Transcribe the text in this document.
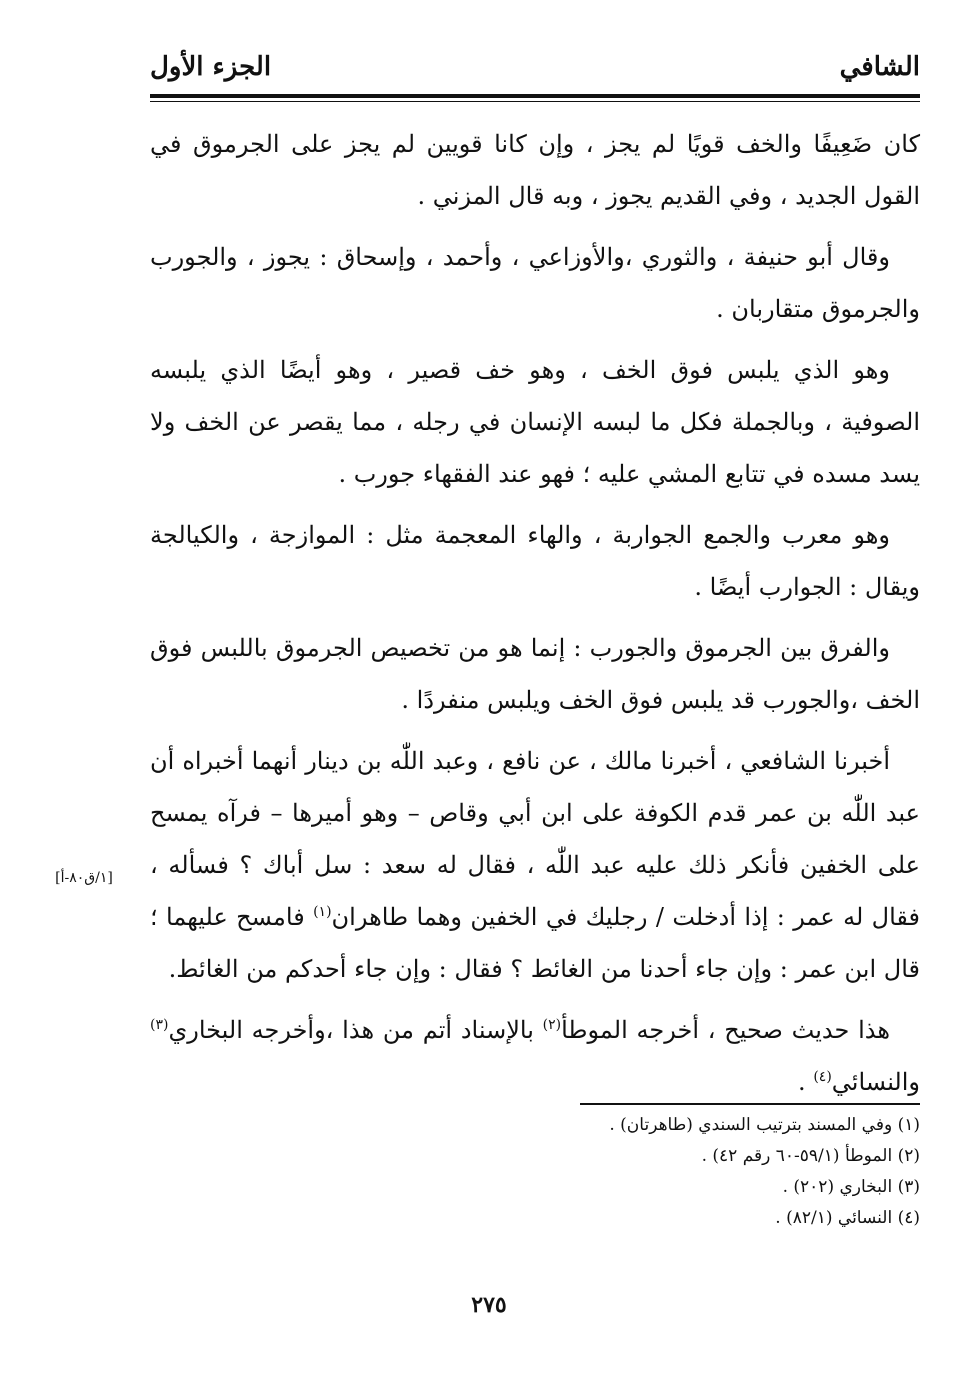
الشافي
الجزء الأول

كان ضَعِيفًا والخف قويًا لم يجز ، وإن كانا قويين لم يجز على الجرموق في القول الجديد ، وفي القديم يجوز ، وبه قال المزني .

وقال أبو حنيفة ، والثوري ،والأوزاعي ، وأحمد ، وإسحاق : يجوز ، والجورب والجرموق متقاربان .

وهو الذي يلبس فوق الخف ، وهو خف قصير ، وهو أيضًا الذي يلبسه الصوفية ، وبالجملة فكل ما لبسه الإنسان في رجله ، مما يقصر عن الخف ولا يسد مسده في تتابع المشي عليه ؛ فهو عند الفقهاء جورب .

وهو معرب والجمع الجواربة ، والهاء المعجمة مثل : الموازجة ، والكيالجة ويقال : الجوارب أيضًا .

والفرق بين الجرموق والجورب : إنما هو من تخصيص الجرموق باللبس فوق الخف ،والجورب قد يلبس فوق الخف ويلبس منفردًا .

أخبرنا الشافعي ، أخبرنا مالك ، عن نافع ، وعبد اللّٰه بن دينار أنهما أخبراه أن عبد اللّٰه بن عمر قدم الكوفة على ابن أبي وقاص – وهو أميرها – فرآه يمسح على الخفين فأنكر ذلك عليه عبد اللّٰه ، فقال له سعد : سل أباك ؟ فسأله ، فقال له عمر : إذا أدخلت / رجليك في الخفين وهما طاهران$^{(١)}$ فامسح عليهما ؛ قال ابن عمر : وإن جاء أحدنا من الغائط ؟ فقال : وإن جاء أحدكم من الغائط.

هذا حديث صحيح ، أخرجه الموطأ$^{(٢)}$ بالإسناد أتم من هذا ،وأخرجه البخاري$^{(٣)}$ والنسائي$^{(٤)}$ .

[١/ق٨٠-أ]

(١) وفي المسند بترتيب السندي (طاهرتان) .

(٢) الموطأ (٥٩/١-٦٠ رقم ٤٢) .

(٣) البخاري (٢٠٢) .

(٤) النسائي (٨٢/١) .

٢٧٥
